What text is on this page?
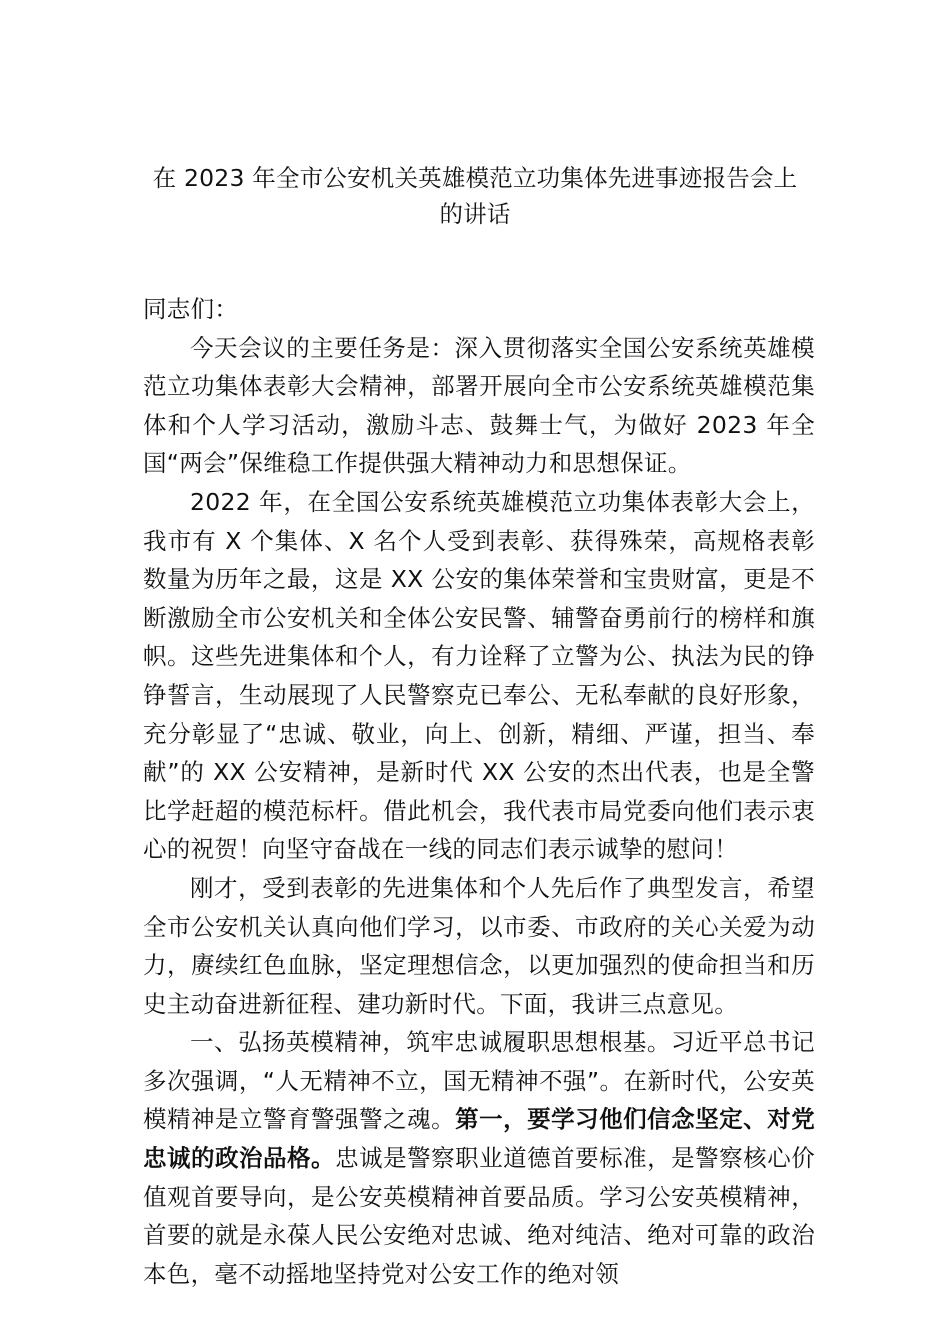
在 2023 年全市公安机关英雄模范立功集体先进事迹报告会上
的讲话

同志们：

今天会议的主要任务是：深入贯彻落实全国公安系统英雄模范立功集体表彰大会精神，部署开展向全市公安系统英雄模范集体和个人学习活动，激励斗志、鼓舞士气，为做好 2023 年全国“两会”保维稳工作提供强大精神动力和思想保证。

2022 年，在全国公安系统英雄模范立功集体表彰大会上，我市有 X 个集体、X 名个人受到表彰、获得殊荣，高规格表彰数量为历年之最，这是 XX 公安的集体荣誉和宝贵财富，更是不断激励全市公安机关和全体公安民警、辅警奋勇前行的榜样和旗帜。这些先进集体和个人，有力诠释了立警为公、执法为民的铮铮誓言，生动展现了人民警察克已奉公、无私奉献的良好形象，充分彰显了“忠诚、敬业，向上、创新，精细、严谨，担当、奉献”的 XX 公安精神，是新时代 XX 公安的杰出代表，也是全警比学赶超的模范标杆。借此机会，我代表市局党委向他们表示衷心的祝贺！向坚守奋战在一线的同志们表示诚挚的慰问！

刚才，受到表彰的先进集体和个人先后作了典型发言，希望全市公安机关认真向他们学习，以市委、市政府的关心关爱为动力，赓续红色血脉，坚定理想信念，以更加强烈的使命担当和历史主动奋进新征程、建功新时代。下面，我讲三点意见。

一、弘扬英模精神，筑牢忠诚履职思想根基。习近平总书记多次强调，“人无精神不立，国无精神不强”。在新时代，公安英模精神是立警育警强警之魂。第一，要学习他们信念坚定、对党忠诚的政治品格。忠诚是警察职业道德首要标准，是警察核心价值观首要导向，是公安英模精神首要品质。学习公安英模精神，首要的就是永葆人民公安绝对忠诚、绝对纯洁、绝对可靠的政治本色，毫不动摇地坚持党对公安工作的绝对领
